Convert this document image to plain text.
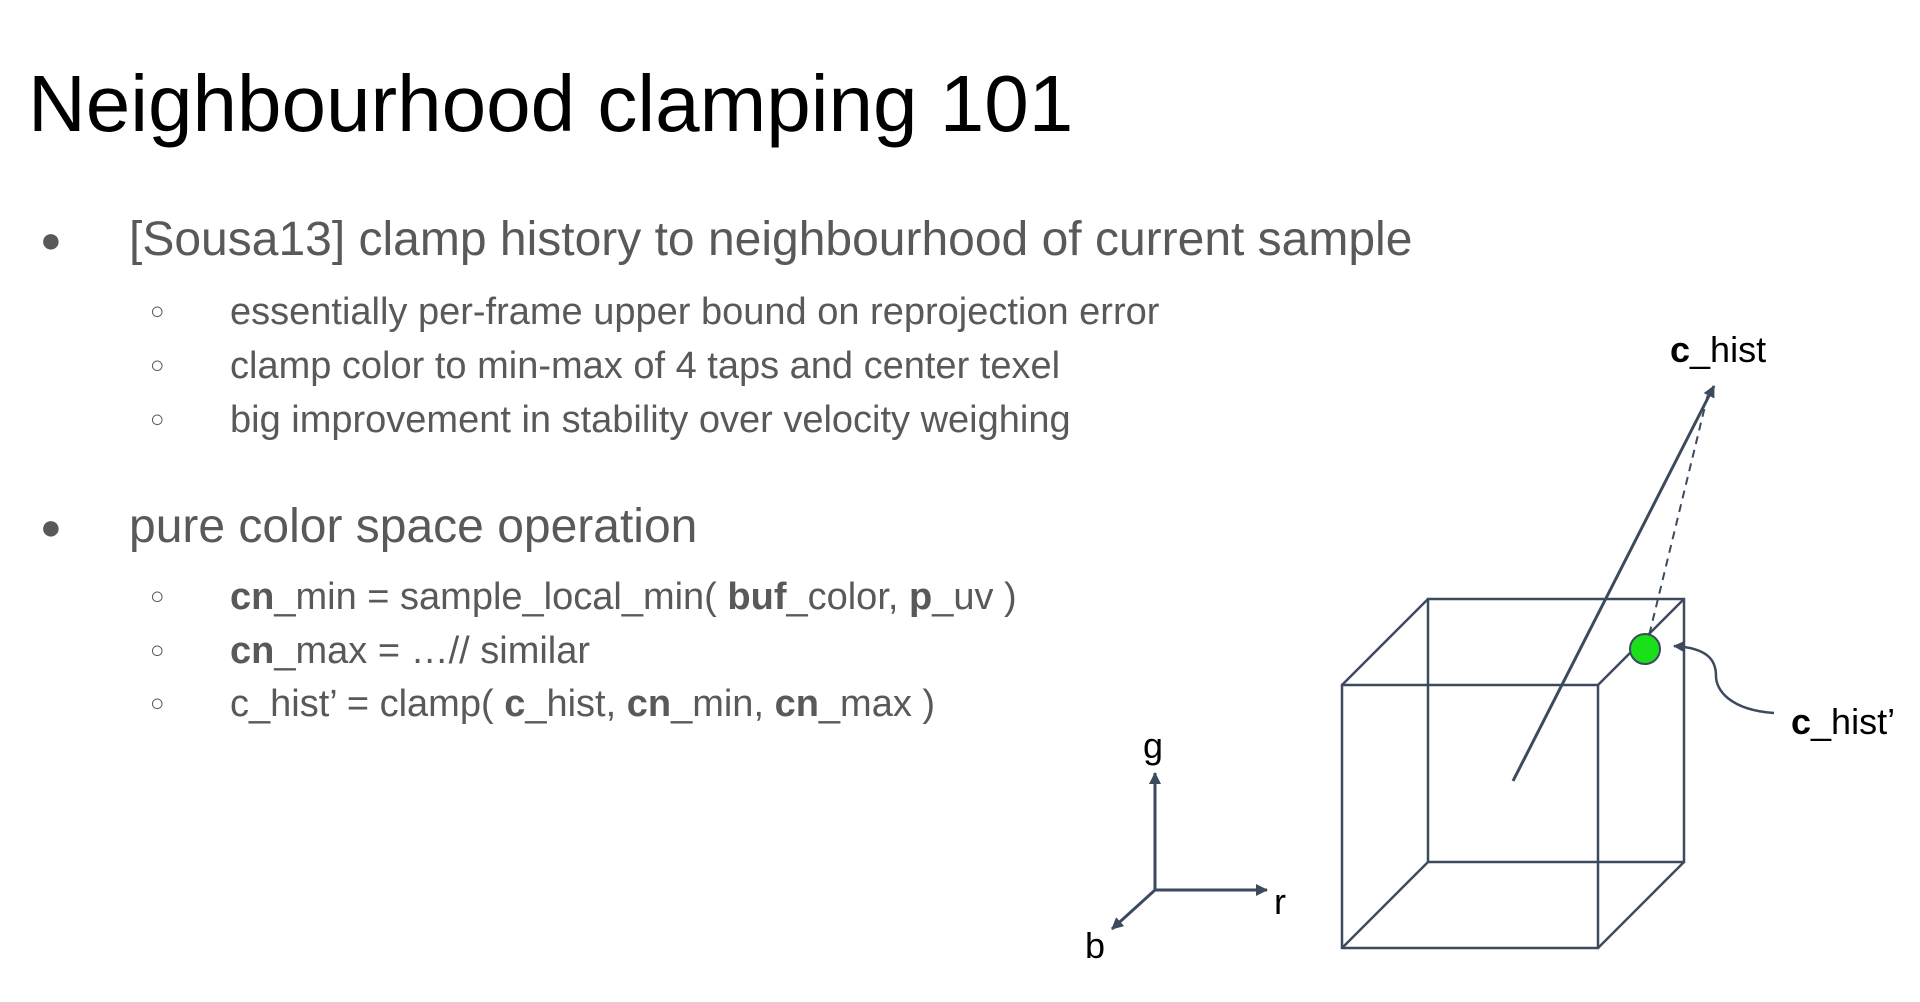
Neighbourhood clamping 101
● [Sousa13] clamp history to neighbourhood of current sample
○ essentially per-frame upper bound on reprojection error
○ clamp color to min-max of 4 taps and center texel
○ big improvement in stability over velocity weighing
● pure color space operation
○ cn_min = sample_local_min( buf_color, p_uv )
○ cn_max = …// similar
○ c_hist’ = clamp( c_hist, cn_min, cn_max )
g
r
b
c_hist
c_hist’
